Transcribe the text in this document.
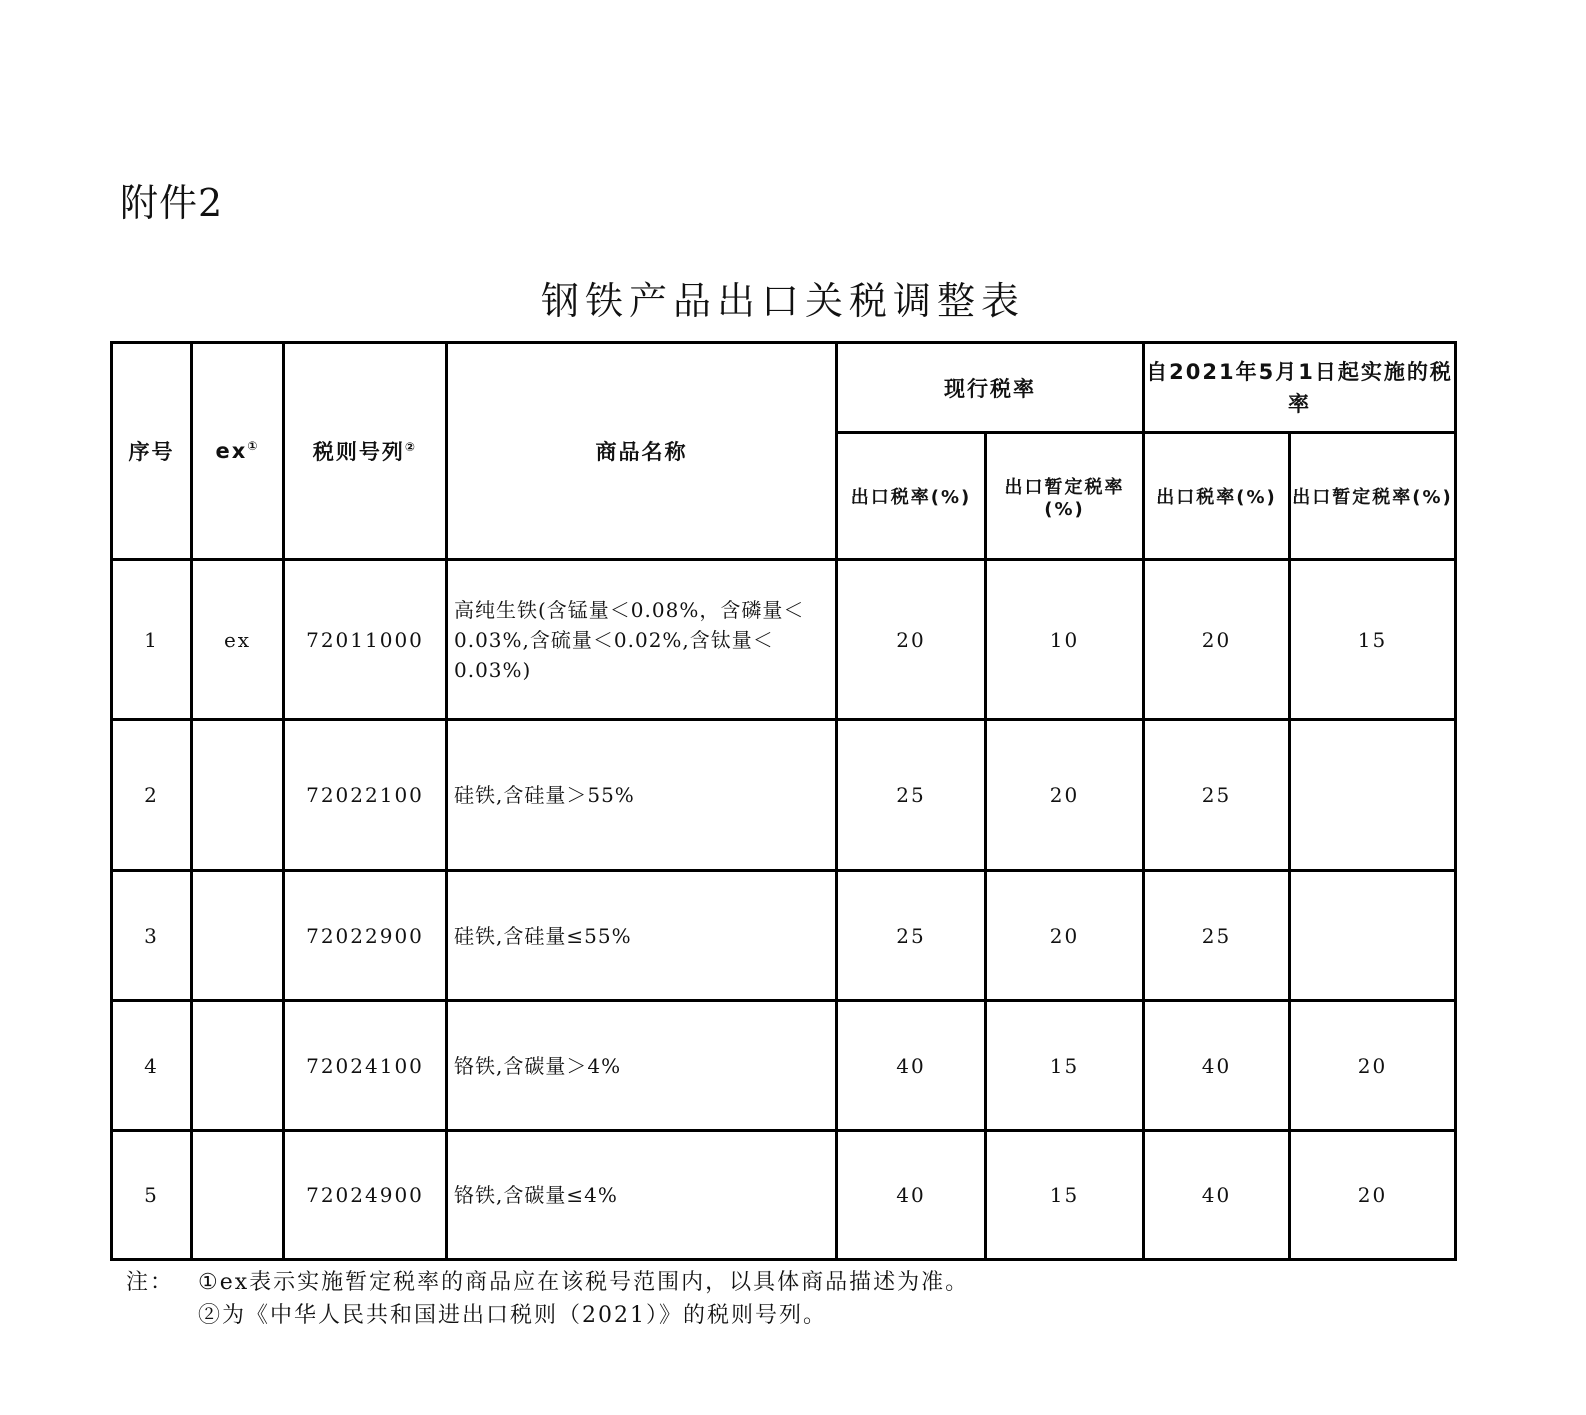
附件2
钢铁产品出口关税调整表
序号	ex①	税则号列②	商品名称	现行税率		自2021年5月1日起实施的税率	
				出口税率(%)	出口暂定税率(%)	出口税率(%)	出口暂定税率(%)
1	ex	72011000	高纯生铁(含锰量＜0.08%，含磷量＜0.03%,含硫量＜0.02%,含钛量＜0.03%)	20	10	20	15
2		72022100	硅铁,含硅量＞55%	25	20	25	
3		72022900	硅铁,含硅量≤55%	25	20	25	
4		72024100	铬铁,含碳量＞4%	40	15	40	20
5		72024900	铬铁,含碳量≤4%	40	15	40	20
注： ①ex表示实施暂定税率的商品应在该税号范围内，以具体商品描述为准。
②为《中华人民共和国进出口税则（2021）》的税则号列。
